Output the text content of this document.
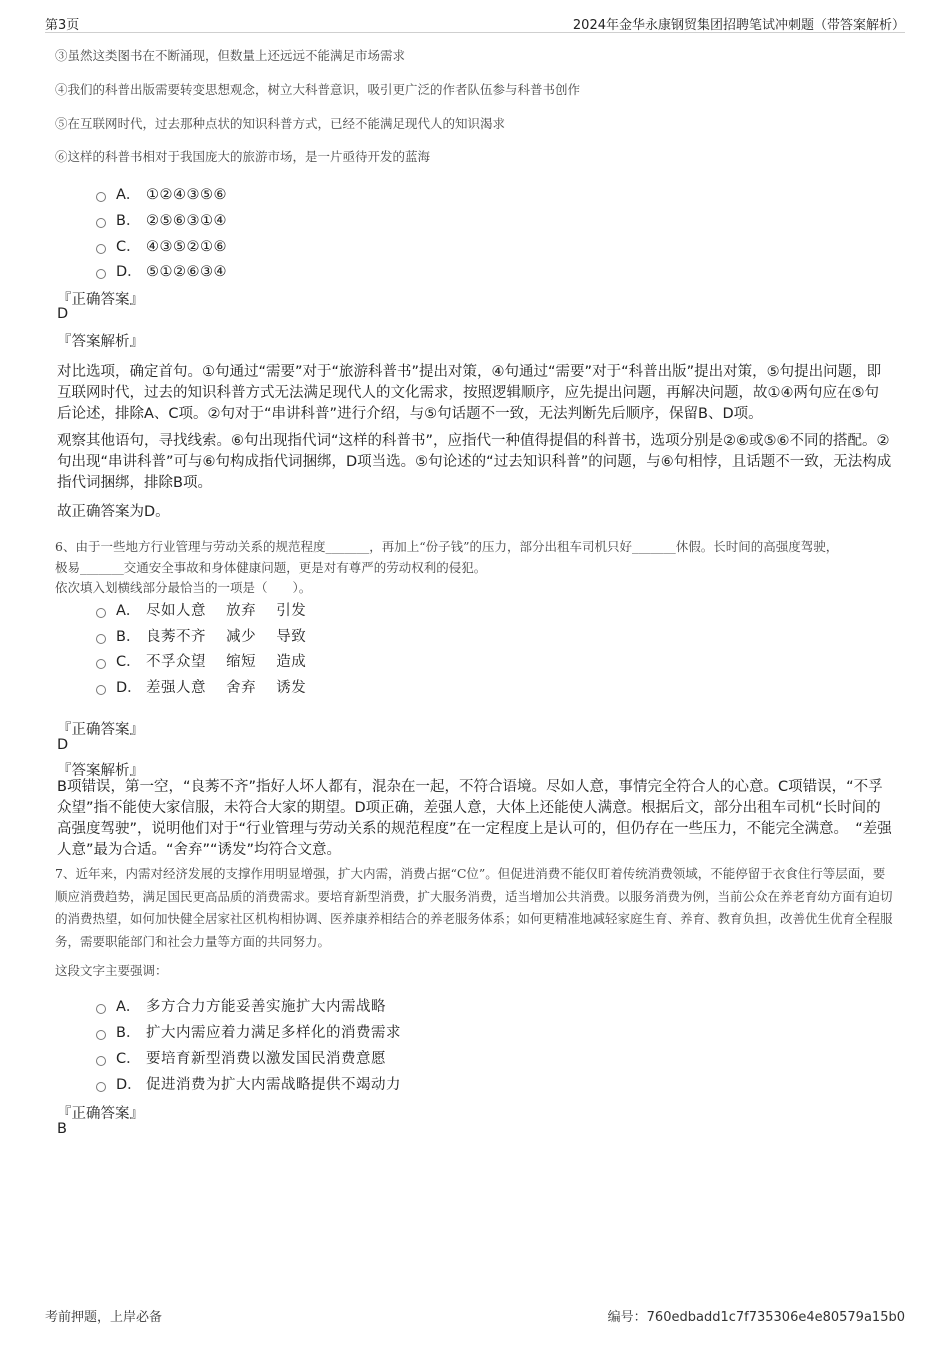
第3页	2024年金华永康钢贸集团招聘笔试冲刺题（带答案解析）
③虽然这类图书在不断涌现，但数量上还远远不能满足市场需求
④我们的科普出版需要转变思想观念，树立大科普意识，吸引更广泛的作者队伍参与科普书创作
⑤在互联网时代，过去那种点状的知识科普方式，已经不能满足现代人的知识渴求
⑥这样的科普书相对于我国庞大的旅游市场，是一片亟待开发的蓝海
A． ①②④③⑤⑥
B． ②⑤⑥③①④
C． ④③⑤②①⑥
D． ⑤①②⑥③④
『正确答案』
D
『答案解析』
对比选项，确定首句。①句通过“需要”对于“旅游科普书”提出对策，④句通过“需要”对于“科普出版”提出对策，⑤句提出问题，即互联网时代，过去的知识科普方式无法满足现代人的文化需求，按照逻辑顺序，应先提出问题，再解决问题，故①④两句应在⑤句后论述，排除A、C项。②句对于“串讲科普”进行介绍，与⑤句话题不一致，无法判断先后顺序，保留B、D项。
观察其他语句，寻找线索。⑥句出现指代词“这样的科普书”，应指代一种值得提倡的科普书，选项分别是②⑥或⑤⑥不同的搭配。②句出现“串讲科普”可与⑥句构成指代词捆绑，D项当选。⑤句论述的“过去知识科普”的问题，与⑥句相悖，且话题不一致，无法构成指代词捆绑，排除B项。
故正确答案为D。
6、由于一些地方行业管理与劳动关系的规范程度_______，再加上“份子钱”的压力，部分出租车司机只好_______休假。长时间的高强度驾驶，
极易_______交通安全事故和身体健康问题，更是对有尊严的劳动权利的侵犯。
依次填入划横线部分最恰当的一项是（　　）。
A． 尽如人意　 放弃　 引发
B． 良莠不齐　 减少　 导致
C． 不孚众望　 缩短　 造成
D． 差强人意　 舍弃　 诱发
『正确答案』
D
『答案解析』
B项错误，第一空，“良莠不齐”指好人坏人都有，混杂在一起，不符合语境。尽如人意，事情完全符合人的心意。C项错误，“不孚众望”指不能使大家信服，未符合大家的期望。D项正确，差强人意，大体上还能使人满意。根据后文，部分出租车司机“长时间的高强度驾驶”，说明他们对于“行业管理与劳动关系的规范程度”在一定程度上是认可的，但仍存在一些压力，不能完全满意。　“差强人意”最为合适。“舍弃”“诱发”均符合文意。
7、近年来，内需对经济发展的支撑作用明显增强，扩大内需，消费占据“C位”。但促进消费不能仅盯着传统消费领域，不能停留于衣食住行等层面，要顺应消费趋势，满足国民更高品质的消费需求。要培育新型消费，扩大服务消费，适当增加公共消费。以服务消费为例，当前公众在养老育幼方面有迫切的消费热望，如何加快健全居家社区机构相协调、医养康养相结合的养老服务体系；如何更精准地减轻家庭生育、养育、教育负担，改善优生优育全程服务，需要职能部门和社会力量等方面的共同努力。
这段文字主要强调：
A． 多方合力方能妥善实施扩大内需战略
B． 扩大内需应着力满足多样化的消费需求
C． 要培育新型消费以激发国民消费意愿
D． 促进消费为扩大内需战略提供不竭动力
『正确答案』
B
考前押题，上岸必备	编号：760edbadd1c7f735306e4e80579a15b0
